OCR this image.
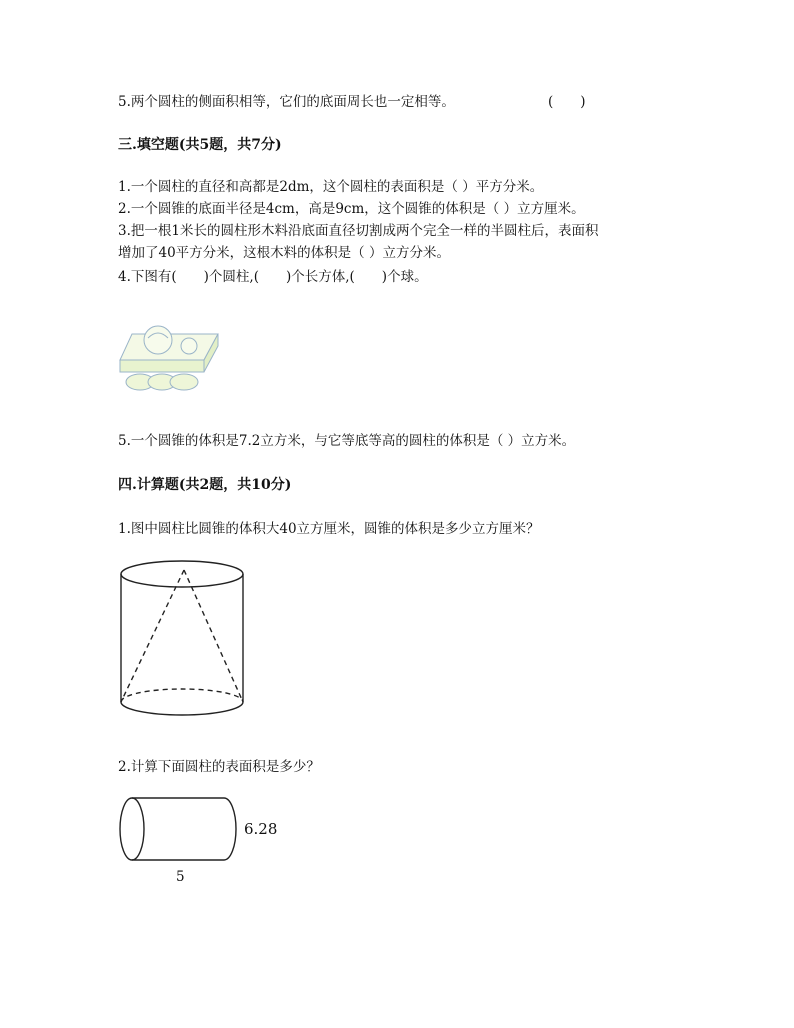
5.两个圆柱的侧面积相等，它们的底面周长也一定相等。	(　　)
三.填空题(共5题，共7分)
1.一个圆柱的直径和高都是2dm，这个圆柱的表面积是（ ）平方分米。
2.一个圆锥的底面半径是4cm，高是9cm，这个圆锥的体积是（ ）立方厘米。
3.把一根1米长的圆柱形木料沿底面直径切割成两个完全一样的半圆柱后，表面积
增加了40平方分米，这根木料的体积是（ ）立方分米。
4.下图有(　　)个圆柱,(　　)个长方体,(　　)个球。
5.一个圆锥的体积是7.2立方米，与它等底等高的圆柱的体积是（ ）立方米。
四.计算题(共2题，共10分)
1.图中圆柱比圆锥的体积大40立方厘米，圆锥的体积是多少立方厘米？
2.计算下面圆柱的表面积是多少？
6.28
5
